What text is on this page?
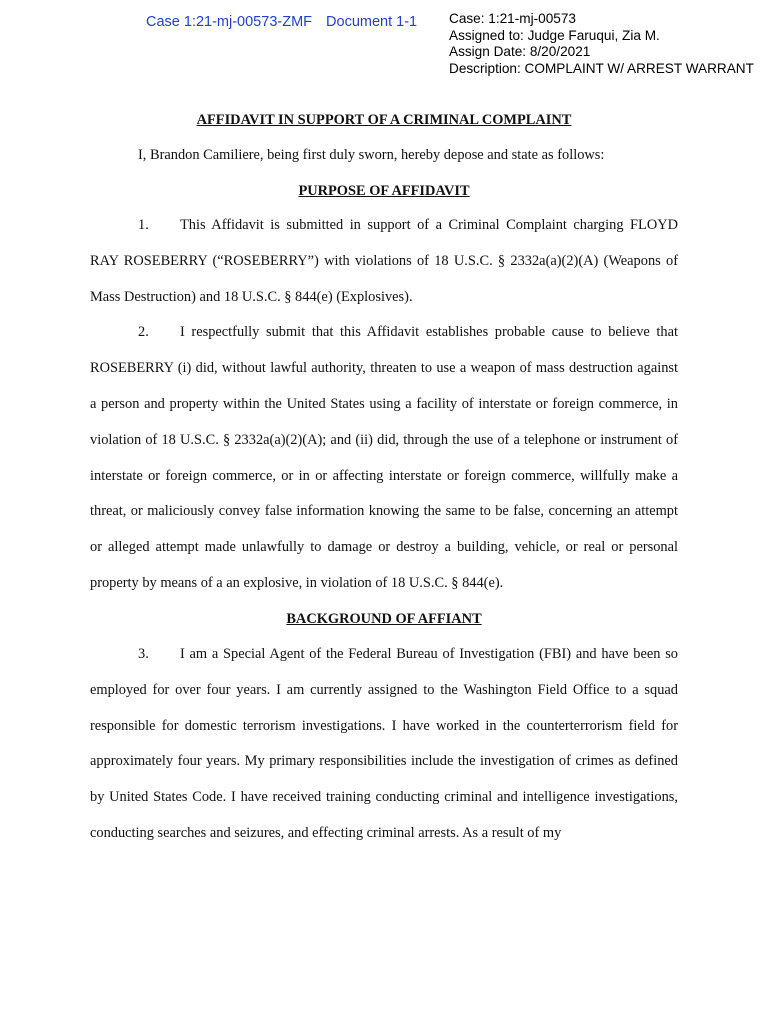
Case 1:21-mj-00573-ZMF Document 1-1	Case: 1:21-mj-00573
Assigned to: Judge Faruqui, Zia M.
Assign Date: 8/20/2021
Description: COMPLAINT W/ ARREST WARRANT
AFFIDAVIT IN SUPPORT OF A CRIMINAL COMPLAINT
I, Brandon Camiliere, being first duly sworn, hereby depose and state as follows:
PURPOSE OF AFFIDAVIT

1. This Affidavit is submitted in support of a Criminal Complaint charging FLOYD RAY ROSEBERRY (“ROSEBERRY”) with violations of 18 U.S.C. § 2332a(a)(2)(A) (Weapons of Mass Destruction) and 18 U.S.C. § 844(e) (Explosives).

2. I respectfully submit that this Affidavit establishes probable cause to believe that ROSEBERRY (i) did, without lawful authority, threaten to use a weapon of mass destruction against a person and property within the United States using a facility of interstate or foreign commerce, in violation of 18 U.S.C. § 2332a(a)(2)(A); and (ii) did, through the use of a telephone or instrument of interstate or foreign commerce, or in or affecting interstate or foreign commerce, willfully make a threat, or maliciously convey false information knowing the same to be false, concerning an attempt or alleged attempt made unlawfully to damage or destroy a building, vehicle, or real or personal property by means of a an explosive, in violation of 18 U.S.C. § 844(e).

BACKGROUND OF AFFIANT

3. I am a Special Agent of the Federal Bureau of Investigation (FBI) and have been so employed for over four years. I am currently assigned to the Washington Field Office to a squad responsible for domestic terrorism investigations. I have worked in the counterterrorism field for approximately four years. My primary responsibilities include the investigation of crimes as defined by United States Code. I have received training conducting criminal and intelligence investigations, conducting searches and seizures, and effecting criminal arrests. As a result of my
